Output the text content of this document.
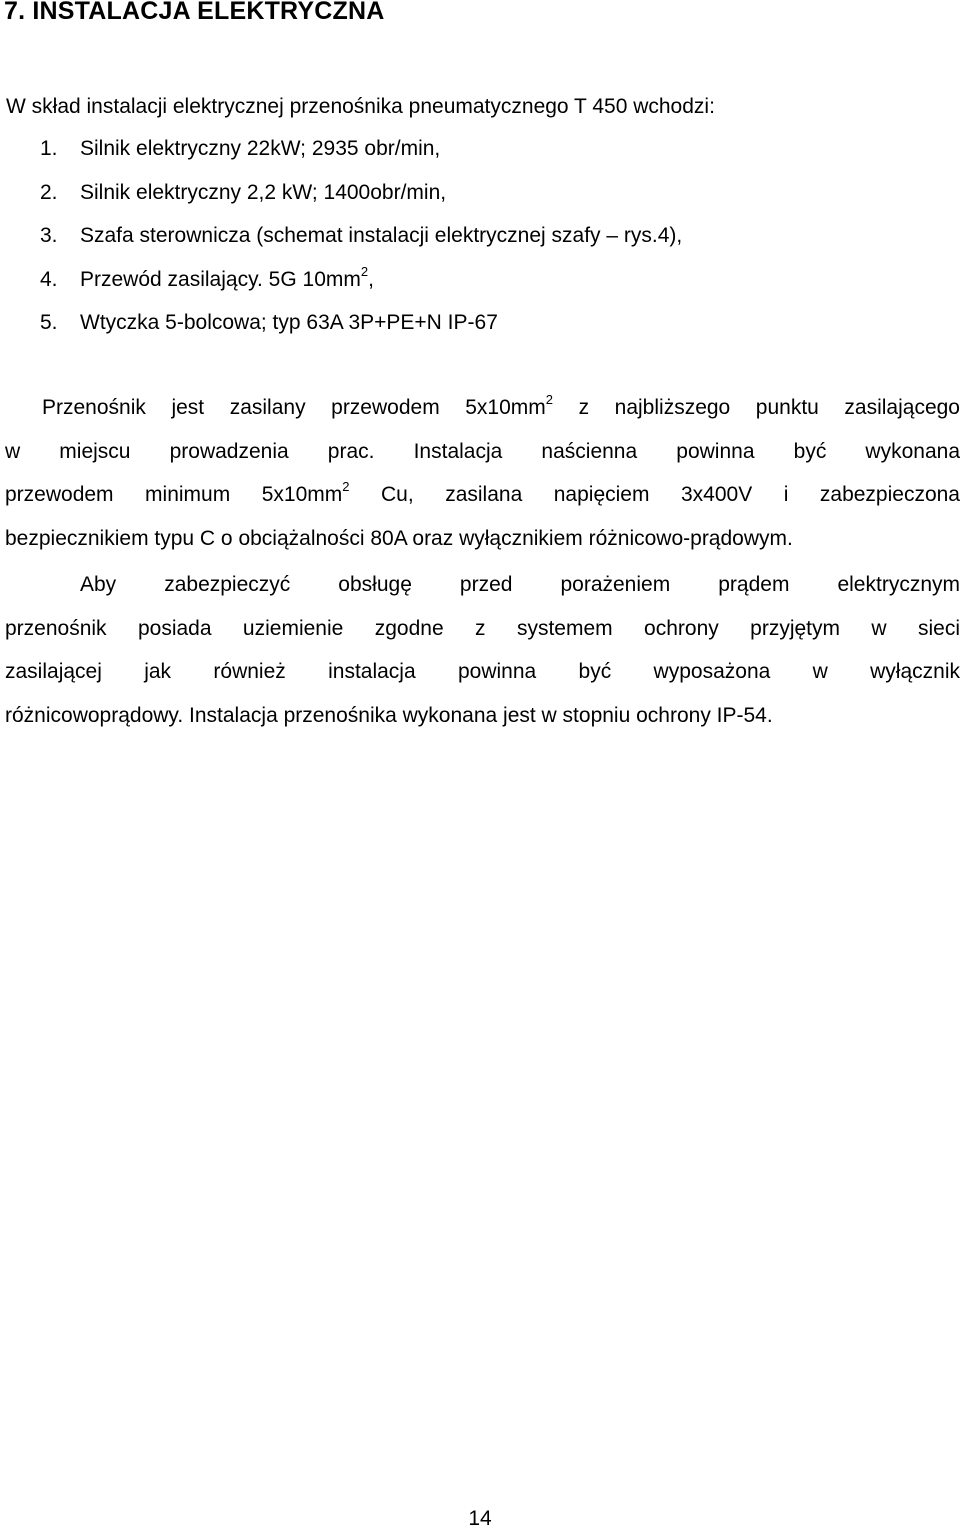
7. INSTALACJA ELEKTRYCZNA

W skład instalacji elektrycznej przenośnika pneumatycznego T 450 wchodzi:

1. Silnik elektryczny 22kW; 2935 obr/min,
2. Silnik elektryczny 2,2 kW; 1400obr/min,
3. Szafa sterownicza (schemat instalacji elektrycznej szafy – rys.4),
4. Przewód zasilający. 5G $10mm^2$,
5. Wtyczka 5-bolcowa; typ 63A 3P+PE+N IP-67
Przenośnik jest zasilany przewodem $5x10mm^2$ z najbliższego punktu zasilającego
w miejscu prowadzenia prac. Instalacja naścienna powinna być wykonana
przewodem minimum $5x10mm^2$ Cu, zasilana napięciem 3x400V i zabezpieczona
bezpiecznikiem typu C o obciążalności 80A oraz wyłącznikiem różnicowo-prądowym.
Aby zabezpieczyć obsługę przed porażeniem prądem elektrycznym
przenośnik posiada uziemienie zgodne z systemem ochrony przyjętym w sieci
zasilającej jak również instalacja powinna być wyposażona w wyłącznik
różnicowoprądowy. Instalacja przenośnika wykonana jest w stopniu ochrony IP-54.
14
